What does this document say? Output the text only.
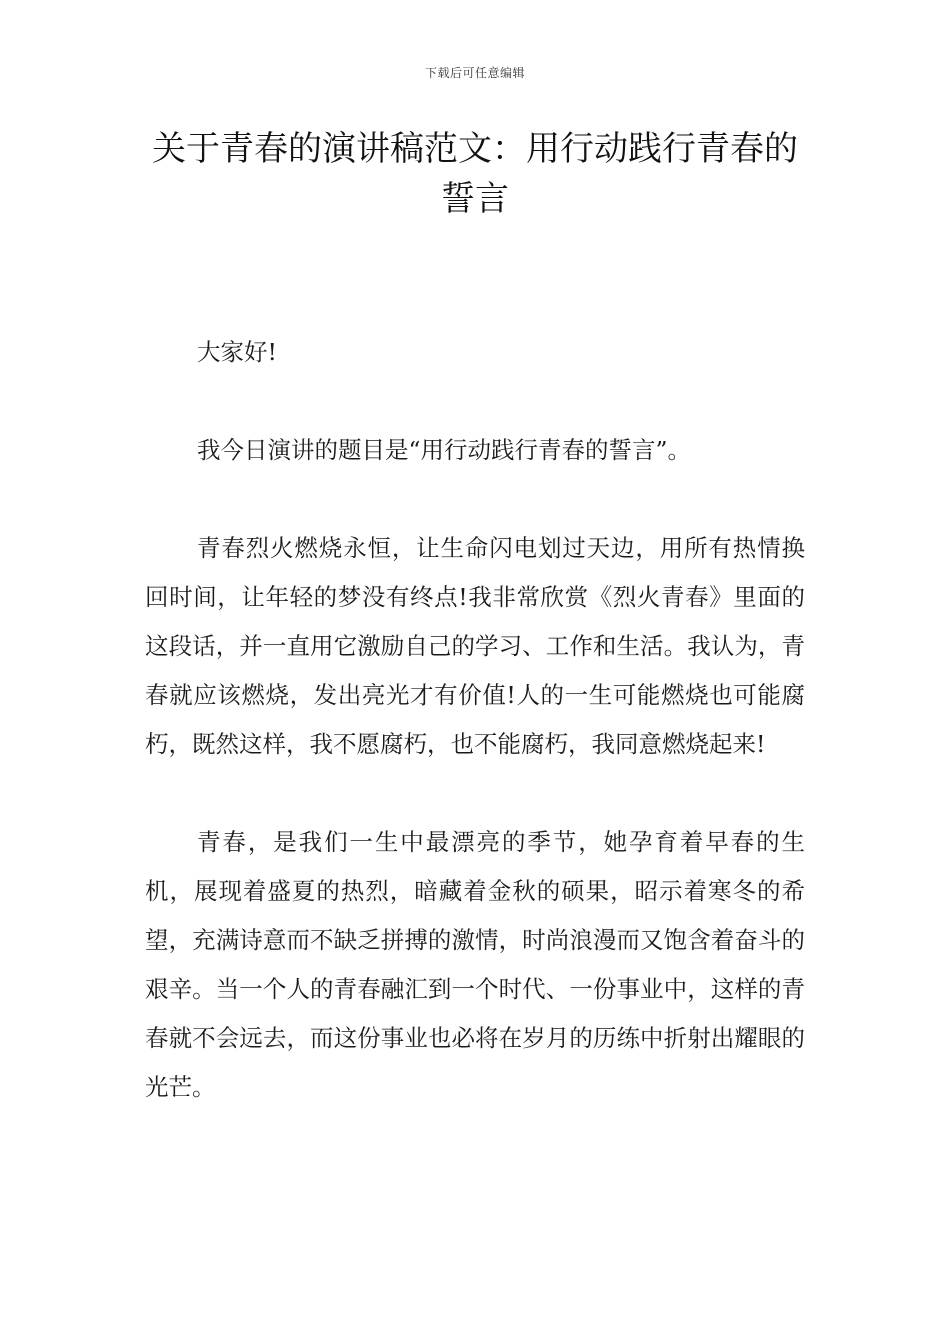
下载后可任意编辑
关于青春的演讲稿范文：用行动践行青春的誓言

大家好!

我今日演讲的题目是“用行动践行青春的誓言”。

青春烈火燃烧永恒，让生命闪电划过天边，用所有热情换回时间，让年轻的梦没有终点!我非常欣赏《烈火青春》里面的这段话，并一直用它激励自己的学习、工作和生活。我认为，青春就应该燃烧，发出亮光才有价值!人的一生可能燃烧也可能腐朽，既然这样，我不愿腐朽，也不能腐朽，我同意燃烧起来!

青春，是我们一生中最漂亮的季节，她孕育着早春的生机，展现着盛夏的热烈，暗藏着金秋的硕果，昭示着寒冬的希望，充满诗意而不缺乏拼搏的激情，时尚浪漫而又饱含着奋斗的艰辛。当一个人的青春融汇到一个时代、一份事业中，这样的青春就不会远去，而这份事业也必将在岁月的历练中折射出耀眼的光芒。
